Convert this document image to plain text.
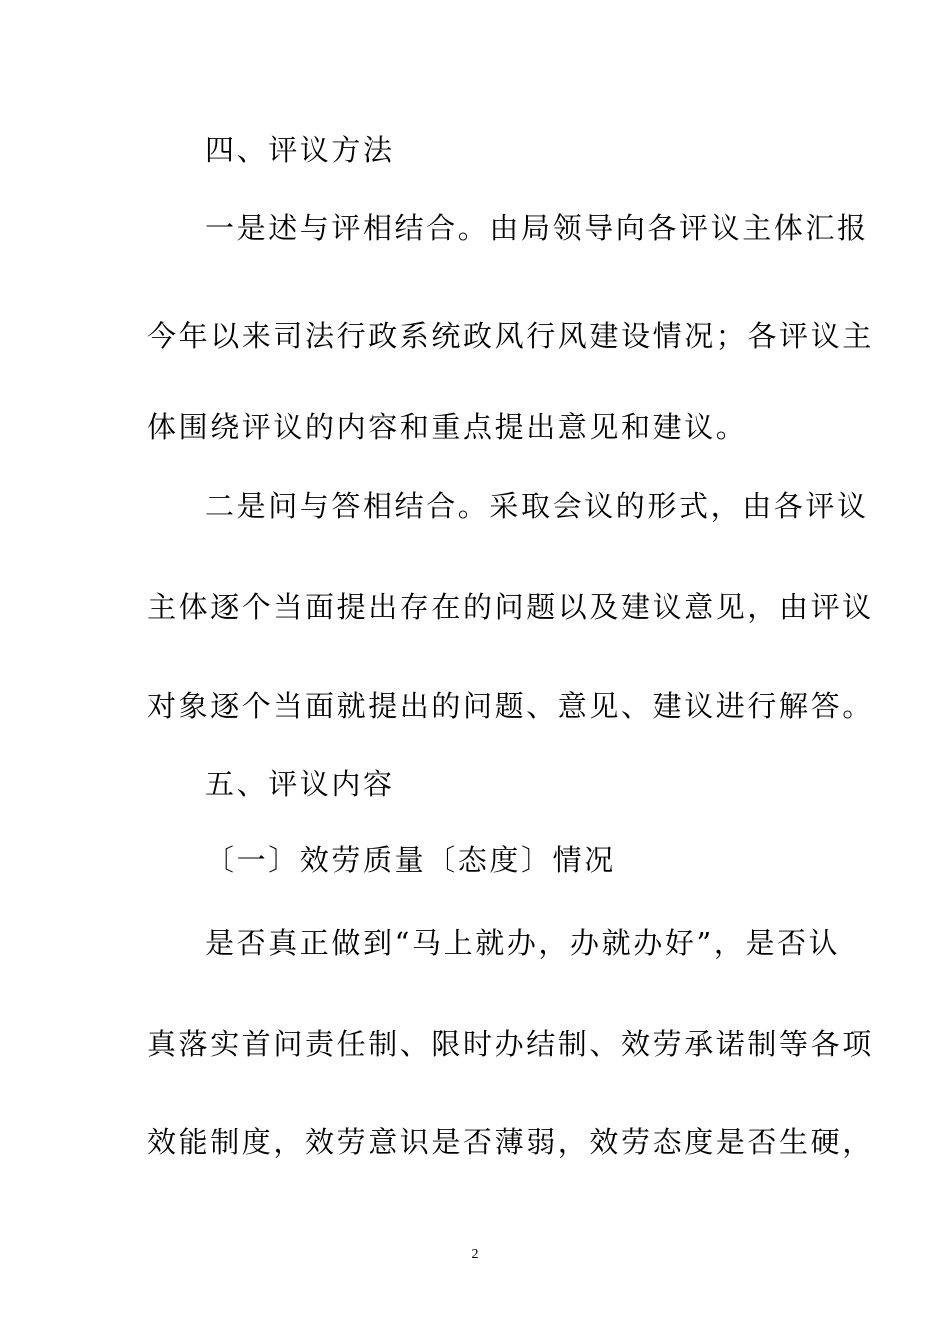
四、评议方法
一是述与评相结合。由局领导向各评议主体汇报
今年以来司法行政系统政风行风建设情况；各评议主
体围绕评议的内容和重点提出意见和建议。
二是问与答相结合。采取会议的形式，由各评议
主体逐个当面提出存在的问题以及建议意见，由评议
对象逐个当面就提出的问题、意见、建议进行解答。
五、评议内容
〔一〕效劳质量〔态度〕情况
是否真正做到“马上就办，办就办好”，是否认
真落实首问责任制、限时办结制、效劳承诺制等各项
效能制度，效劳意识是否薄弱，效劳态度是否生硬，
2
